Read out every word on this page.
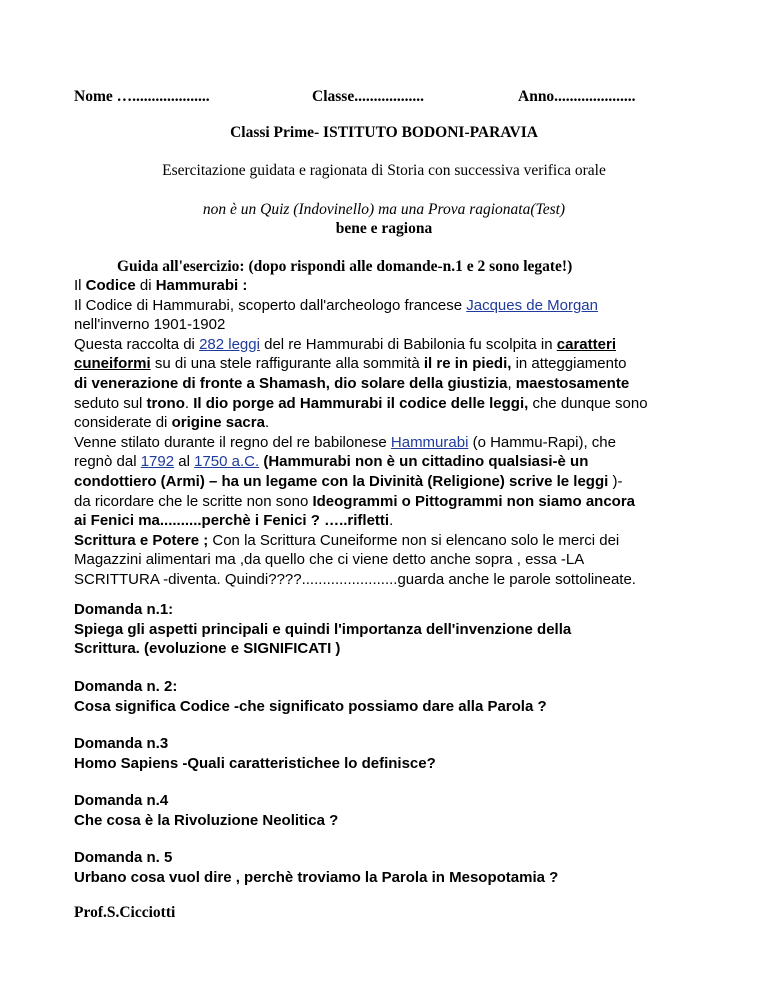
Nome …....................	Classe..................	Anno.....................
Classi Prime- ISTITUTO BODONI-PARAVIA
Esercitazione guidata e ragionata di Storia con successiva verifica orale
non è un Quiz (Indovinello) ma una Prova ragionata(Test)
bene e ragiona
Guida all'esercizio: (dopo rispondi alle domande-n.1 e 2 sono legate!)
Il Codice di Hammurabi :
Il Codice di Hammurabi, scoperto dall'archeologo francese Jacques de Morgan
nell'inverno 1901-1902
Questa raccolta di 282 leggi del re Hammurabi di Babilonia fu scolpita in caratteri
cuneiformi su di una stele raffigurante alla sommità il re in piedi, in atteggiamento
di venerazione di fronte a Shamash, dio solare della giustizia, maestosamente
seduto sul trono. Il dio porge ad Hammurabi il codice delle leggi, che dunque sono
considerate di origine sacra.
Venne stilato durante il regno del re babilonese Hammurabi (o Hammu-Rapi), che
regnò dal 1792 al 1750 a.C. (Hammurabi non è un cittadino qualsiasi-è un
condottiero (Armi) – ha un legame con la Divinità (Religione) scrive le leggi )-
da ricordare che le scritte non sono Ideogrammi o Pittogrammi non siamo ancora
ai Fenici ma..........perchè i Fenici ? …..rifletti.
Scrittura e Potere ; Con la Scrittura Cuneiforme non si elencano solo le merci dei
Magazzini alimentari ma ,da quello che ci viene detto anche sopra , essa -LA
SCRITTURA -diventa. Quindi????.......................guarda anche le parole sottolineate.
Domanda n.1:
Spiega gli aspetti principali e quindi l'importanza dell'invenzione della
Scrittura. (evoluzione e SIGNIFICATI )
Domanda n. 2:
Cosa significa Codice -che significato possiamo dare alla Parola ?
Domanda n.3
Homo Sapiens -Quali caratteristichee lo definisce?
Domanda n.4
Che cosa è la Rivoluzione Neolitica ?
Domanda n. 5
Urbano cosa vuol dire , perchè troviamo la Parola in Mesopotamia ?
Prof.S.Cicciotti
